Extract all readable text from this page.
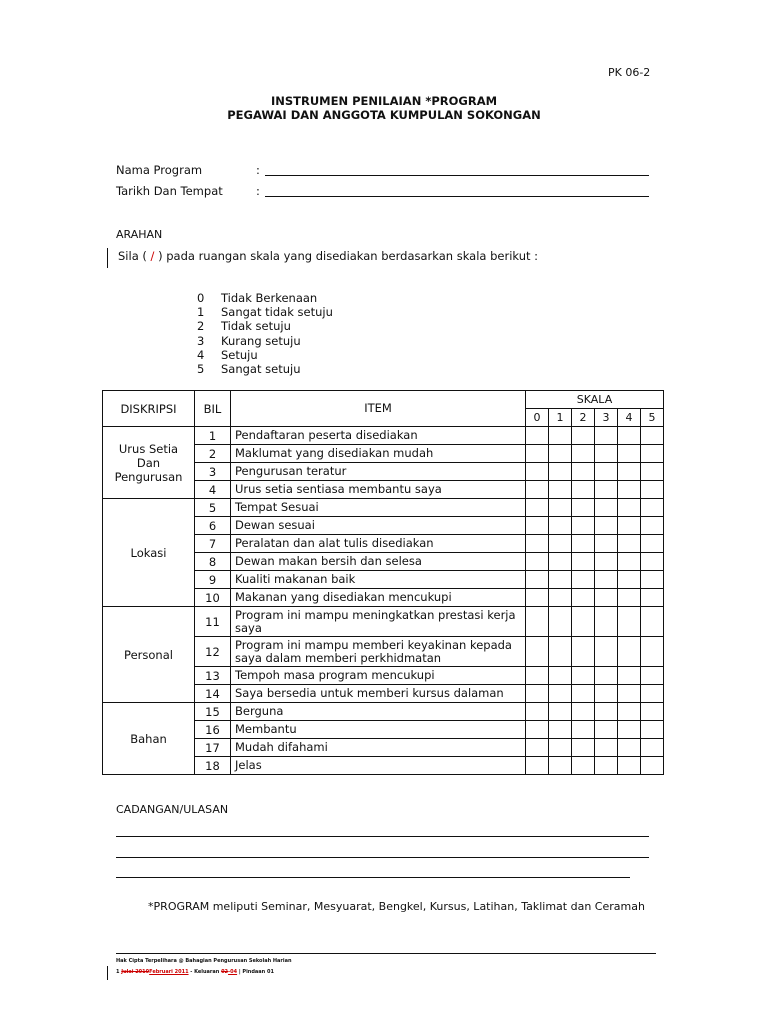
PK 06-2
INSTRUMEN PENILAIAN *PROGRAM
PEGAWAI DAN ANGGOTA KUMPULAN SOKONGAN
Nama Program	:
Tarikh Dan Tempat	:
ARAHAN
Sila ( / ) pada ruangan skala yang disediakan berdasarkan skala berikut :
0 Tidak Berkenaan
1 Sangat tidak setuju
2 Tidak setuju
3 Kurang setuju
4 Setuju
5 Sangat setuju
DISKRIPSI	BIL	ITEM	SKALA					
			0	1	2	3	4	5

Urus Setia
Dan
Pengurusan	1	Pendaftaran peserta disediakan						
	2	Maklumat yang disediakan mudah						
	3	Pengurusan teratur						
	4	Urus setia sentiasa membantu saya						

Lokasi	5	Tempat Sesuai						
	6	Dewan sesuai						
	7	Peralatan dan alat tulis disediakan						
	8	Dewan makan bersih dan selesa						
	9	Kualiti makanan baik						
	10	Makanan yang disediakan mencukupi						

Personal	11	Program ini mampu meningkatkan prestasi kerja saya						
	12	Program ini mampu memberi keyakinan kepada saya dalam memberi perkhidmatan						
	13	Tempoh masa program mencukupi						
	14	Saya bersedia untuk memberi kursus dalaman						

Bahan	15	Berguna						
	16	Membantu						
	17	Mudah difahami						
	18	Jelas						
CADANGAN/ULASAN
*PROGRAM meliputi Seminar, Mesyuarat, Bengkel, Kursus, Latihan, Taklimat dan Ceramah
Hak Cipta Terpelihara @ Bahagian Pengurusan Sekolah Harian
1 Julai 2010Februari 2011 - Keluaran 02-04 | Pindaan 01
